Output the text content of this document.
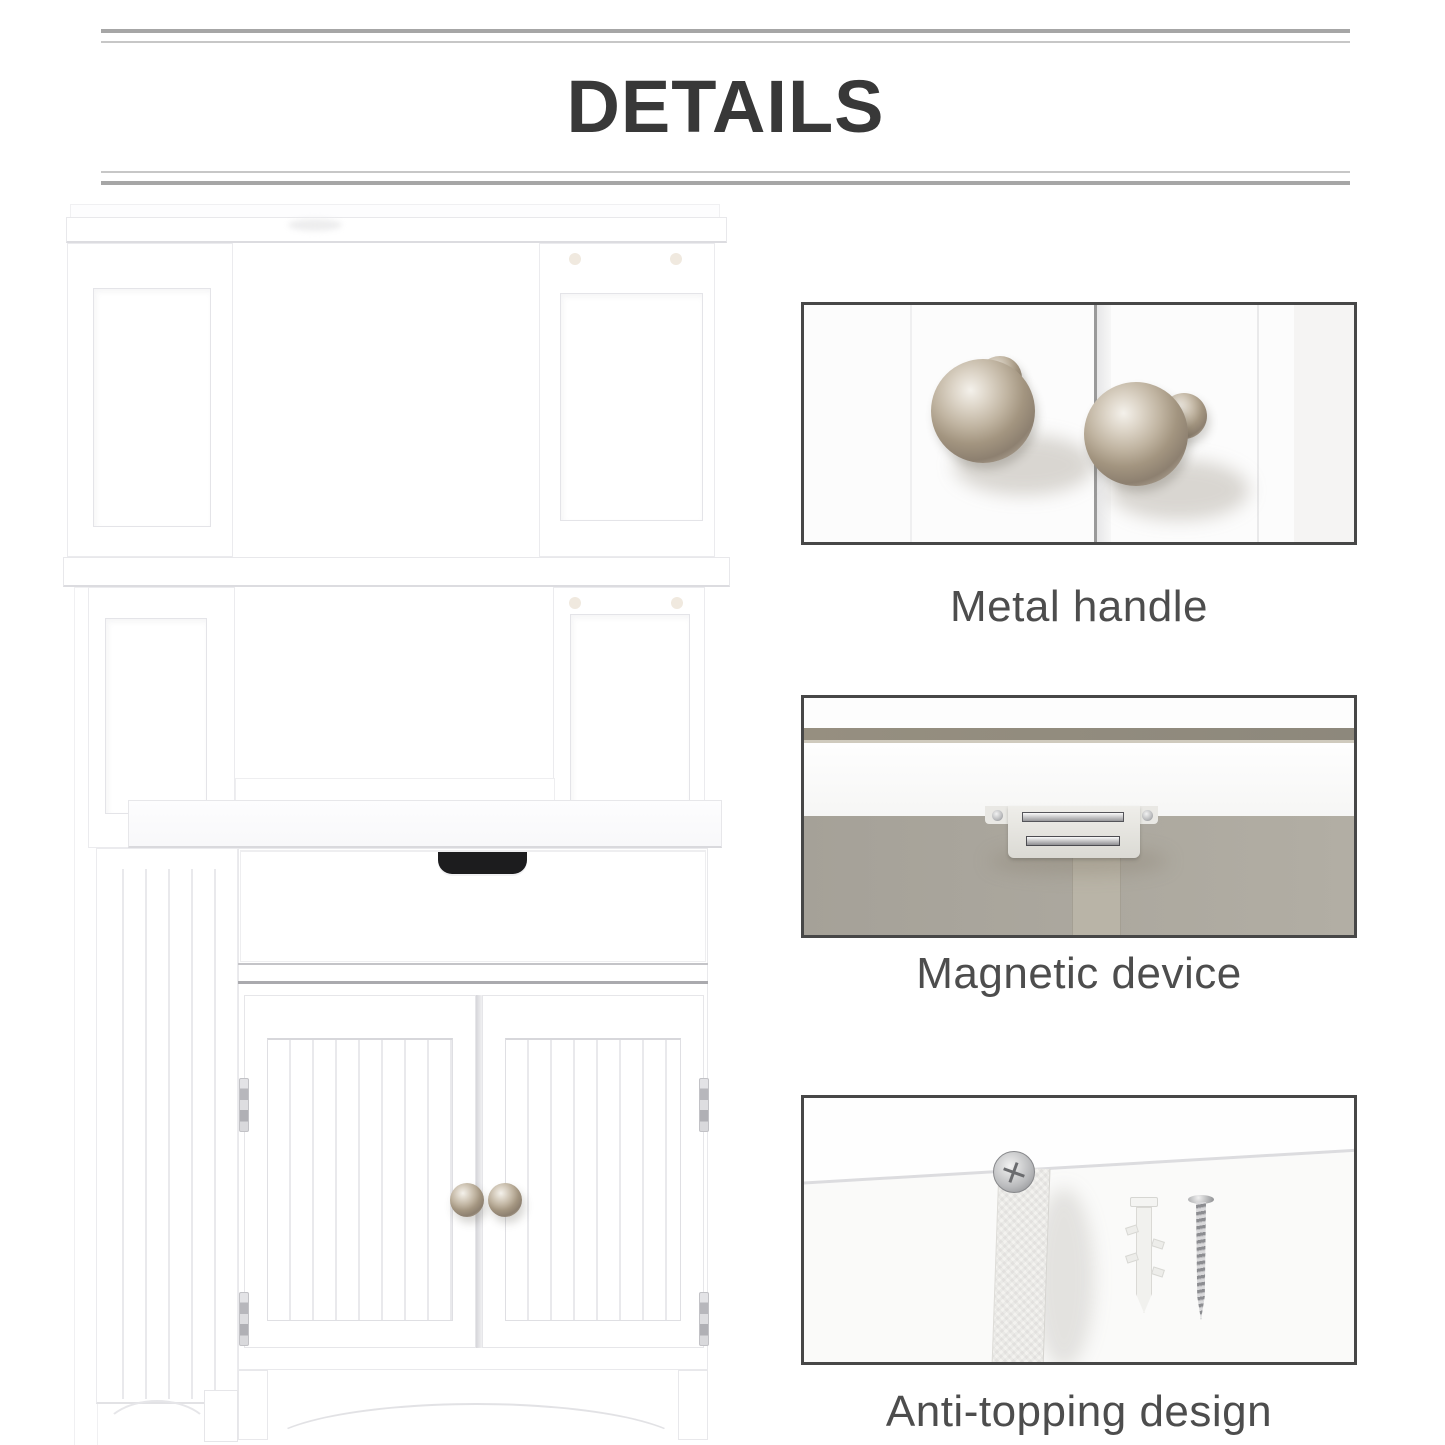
DETAILS
Metal handle
Magnetic device
Anti-topping design
